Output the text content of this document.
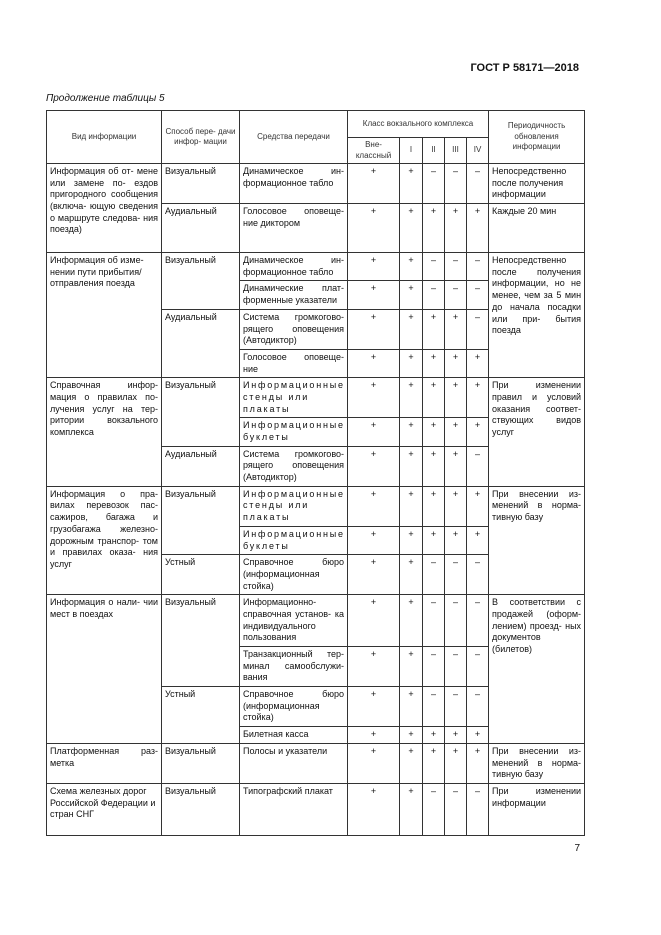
ГОСТ Р 58171—2018
Продолжение таблицы 5
Вид информации	Способ пере- дачи инфор- мации	Средства передачи	Класс вокзального комплекса					Периодичность обновления информации
			Вне- классный	I	II	III	IV	
Информация об от- мене или замене по- ездов пригородного сообщения (включа- ющую сведения о маршруте следова- ния поезда)	Визуальный	Динамическое ин- формационное табло	+	+	–	–	–	Непосредственно после получения информации
	Аудиальный	Голосовое оповеще- ние диктором	+	+	+	+	+	Каждые 20 мин
Информация об изме- нении пути прибытия/ отправления поезда	Визуальный	Динамическое ин- формационное табло	+	+	–	–	–	Непосредственно после получения информации, но не менее, чем за 5 мин до начала посадки или при- бытия поезда
		Динамические плат- форменные указатели	+	+	–	–	–	
	Аудиальный	Система громкогово- рящего оповещения (Автодиктор)	+	+	+	+	–	
		Голосовое оповеще- ние	+	+	+	+	+	
Справочная инфор- мация о правилах по- лучения услуг на тер- ритории вокзального комплекса	Визуальный	Информационные стенды или плакаты	+	+	+	+	+	При изменении правил и условий оказания соответ- ствующих видов услуг
		Информационные буклеты	+	+	+	+	+	
	Аудиальный	Система громкогово- рящего оповещения (Автодиктор)	+	+	+	+	–	
Информация о пра- вилах перевозок пас- сажиров, багажа и грузобагажа железно- дорожным транспор- том и правилах оказа- ния услуг	Визуальный	Информационные стенды или плакаты	+	+	+	+	+	При внесении из- менений в норма- тивную базу
		Информационные буклеты	+	+	+	+	+	
	Устный	Справочное бюро (информационная стойка)	+	+	–	–	–	
Информация о нали- чии мест в поездах	Визуальный	Информационно- справочная установ- ка индивидуального пользования	+	+	–	–	–	В соответствии с продажей (оформ- лением) проезд- ных документов (билетов)
		Транзакционный тер- минал самообслужи- вания	+	+	–	–	–	
	Устный	Справочное бюро (информационная стойка)	+	+	–	–	–	
		Билетная касса	+	+	+	+	+	
Платформенная раз- метка	Визуальный	Полосы и указатели	+	+	+	+	+	При внесении из- менений в норма- тивную базу
Схема железных дорог Российской Федерации и стран СНГ	Визуальный	Типографский плакат	+	+	–	–	–	При изменении информации
7
